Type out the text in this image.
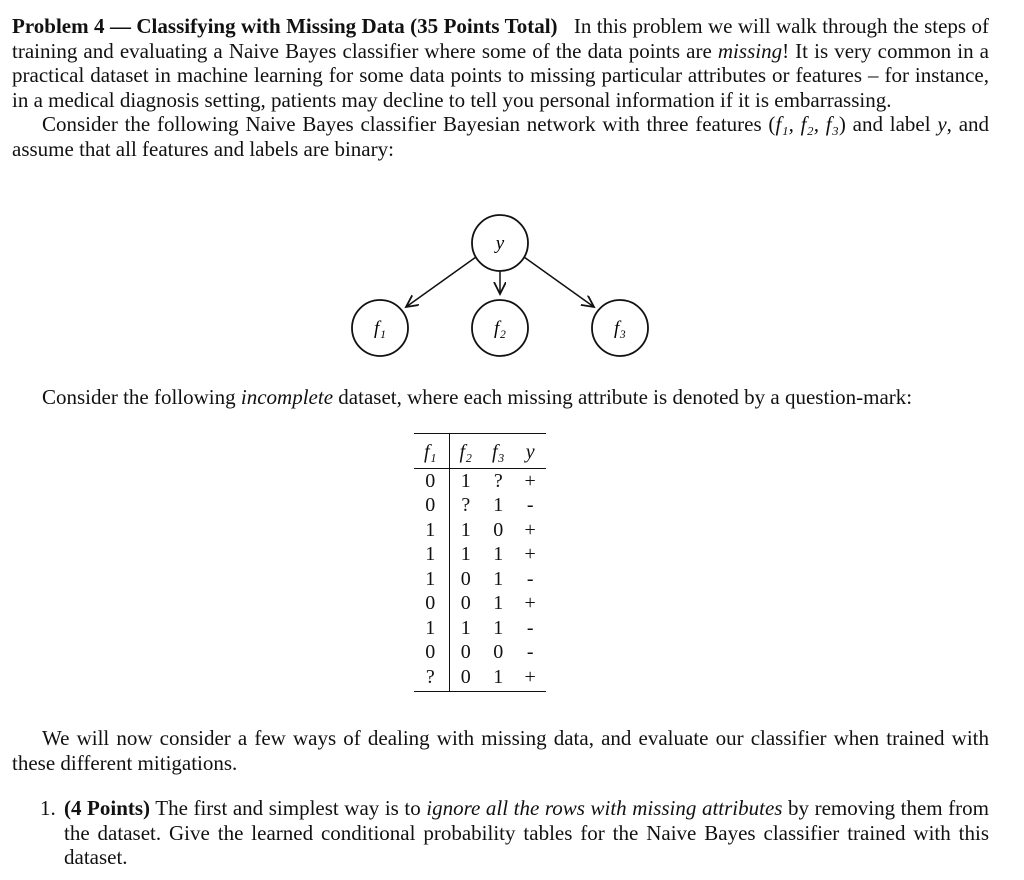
Problem 4 — Classifying with Missing Data (35 Points Total) In this problem we will walk through the steps of training and evaluating a Naive Bayes classifier where some of the data points are missing! It is very common in a practical dataset in machine learning for some data points to missing particular attributes or features – for instance, in a medical diagnosis setting, patients may decline to tell you personal information if it is embarrassing.

Consider the following Naive Bayes classifier Bayesian network with three features (f₁, f₂, f₃) and label y, and assume that all features and labels are binary:

y
f₁	f₂	f₃

Consider the following incomplete dataset, where each missing attribute is denoted by a question-mark:

f₁	f₂	f₃	y
0	1	?	+
0	?	1	-
1	1	0	+
1	1	1	+
1	0	1	-
0	0	1	+
1	1	1	-
0	0	0	-
?	0	1	+

We will now consider a few ways of dealing with missing data, and evaluate our classifier when trained with these different mitigations.

1. (4 Points) The first and simplest way is to ignore all the rows with missing attributes by removing them from the dataset. Give the learned conditional probability tables for the Naive Bayes classifier trained with this dataset.
